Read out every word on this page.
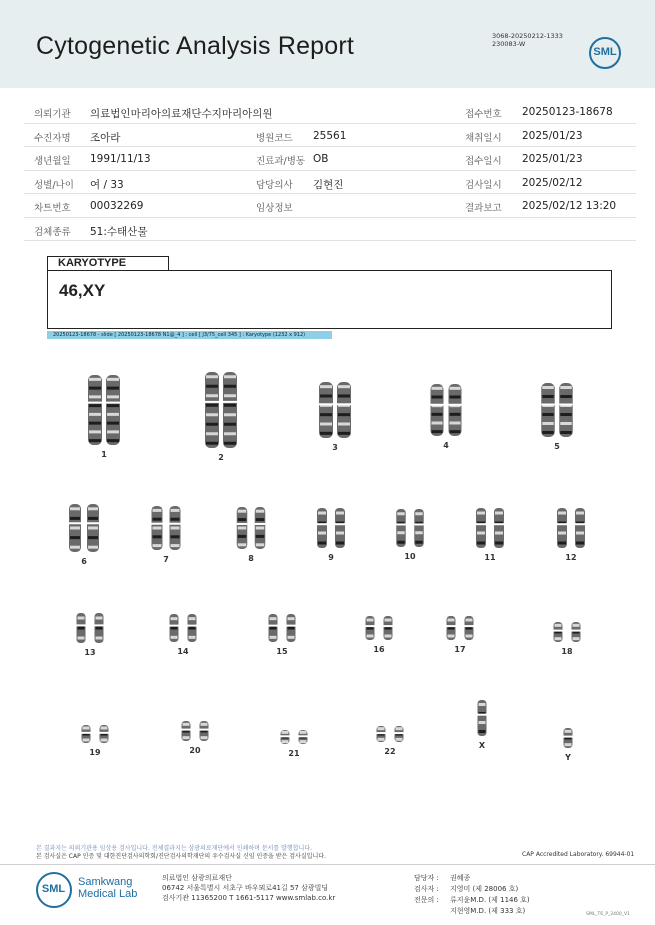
Cytogenetic Analysis Report	3068-20250212-1333
230083-W
SML
의뢰기관 의료법인마리아의료재단수지마리아의원	접수번호 20250123-18678
수진자명 조아라	병원코드 25561	채취일시 2025/01/23
생년월일 1991/11/13	진료과/병동 OB	접수일시 2025/01/23
성별/나이 여 / 33	담당의사 김현진	검사일시 2025/02/12
차트번호 00032269	임상정보	결과보고 2025/02/12 13:20
검체종류 51:수태산물
KARYOTYPE
46,XY
20250123-18678 - slide [ 20250123-18678 N1@_4 ] : cell [ J3/75_cell 345 ] : Karyotype (1232 x 912)
1	2
3	4	5
6	7	8	9	10	11	12
13	14	15	16	17	18
19	20	21	22
X
Y
본 결과지는 의뢰기관용 임상용 검사입니다. 전체결과지는 삼광의료재단에서 인쇄하며 문서를 발행합니다.
본 검사실은 CAP 인증 및 대한진단검사의학회/진단검사의학재단의 우수검사실 신임 인증을 받은 검사실입니다.	CAP Accredited Laboratory. 69944-01
SML
Samkwang
Medical Lab
의료법인 삼광의료재단
06742 서울특별시 서초구 바우뫼로41길 57 삼광빌딩
검사기관 11365200 T 1661-5117 www.smlab.co.kr
담당자 : 권혜종
검사자 : 지영미 (제 28006 호)
전문의 : 류지윤M.D. (제 1146 호)
지현영M.D. (제 333 호)	SML_T6_P_2400_V1
